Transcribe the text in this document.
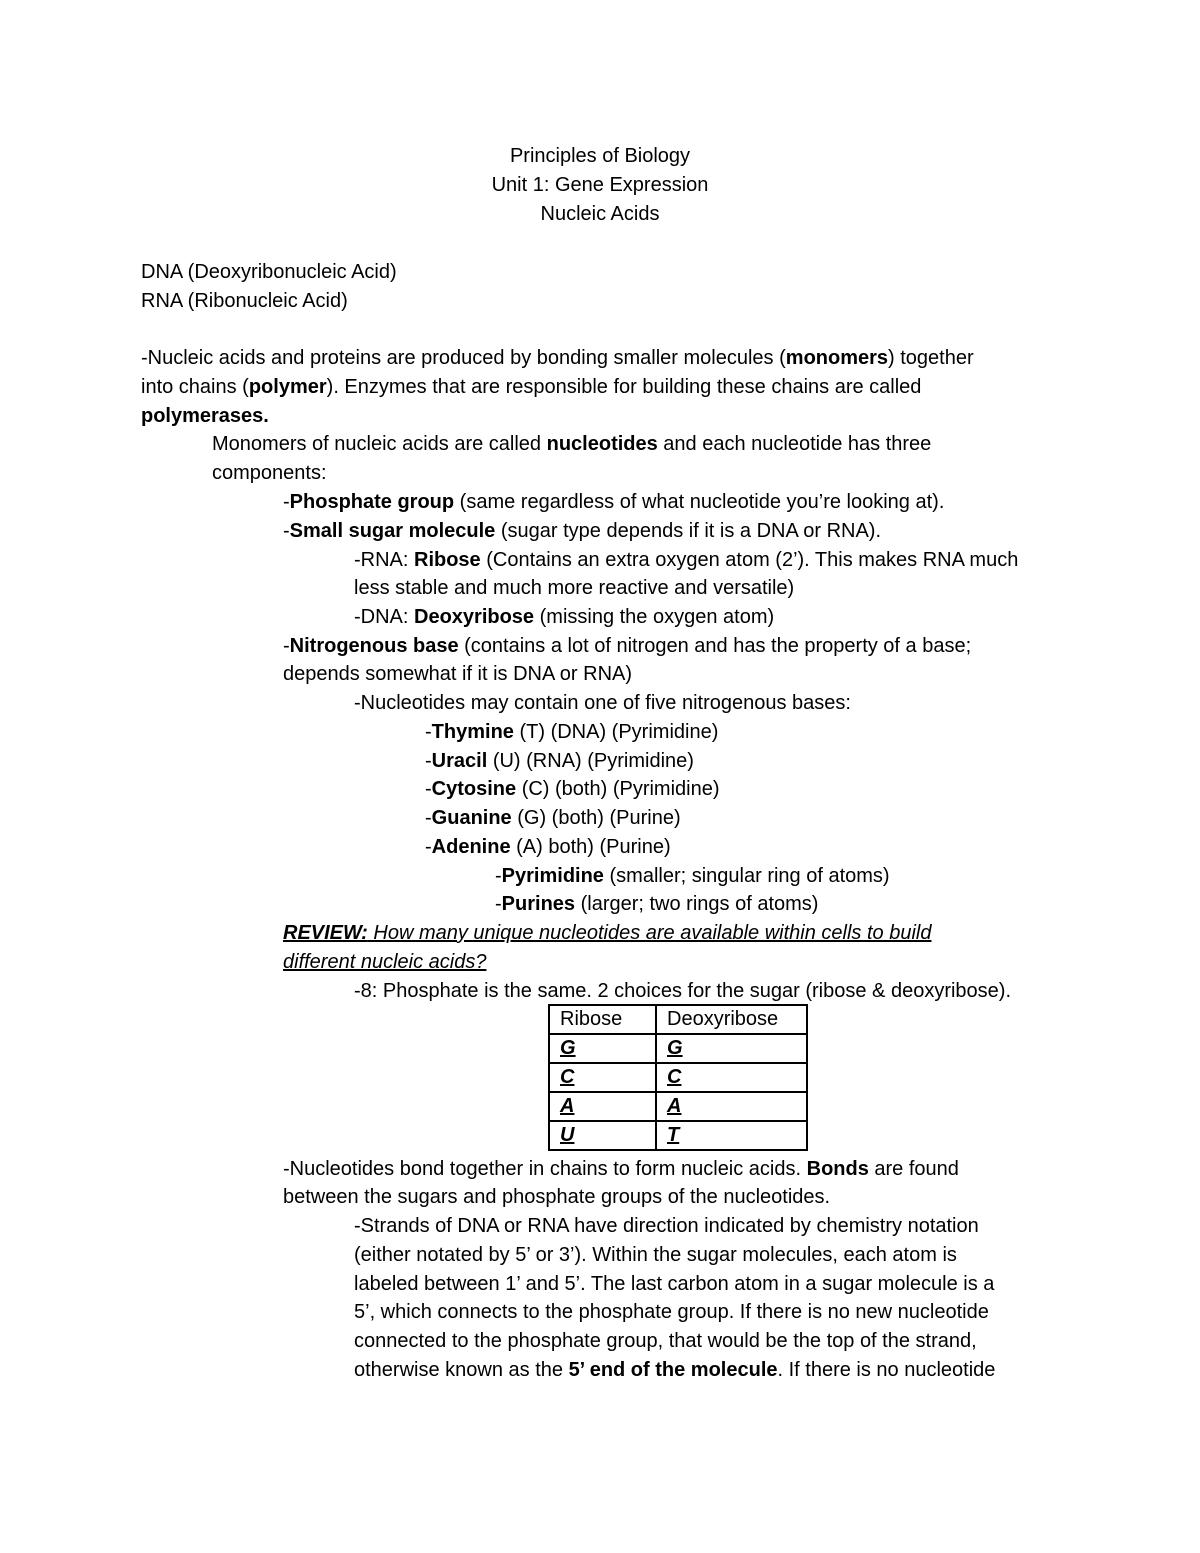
Principles of Biology
Unit 1: Gene Expression
Nucleic Acids
DNA (Deoxyribonucleic Acid)
RNA (Ribonucleic Acid)
-Nucleic acids and proteins are produced by bonding smaller molecules (monomers) together
into chains (polymer). Enzymes that are responsible for building these chains are called
polymerases.
Monomers of nucleic acids are called nucleotides and each nucleotide has three
components:
-Phosphate group (same regardless of what nucleotide you’re looking at).
-Small sugar molecule (sugar type depends if it is a DNA or RNA).
-RNA: Ribose (Contains an extra oxygen atom (2’). This makes RNA much
less stable and much more reactive and versatile)
-DNA: Deoxyribose (missing the oxygen atom)
-Nitrogenous base (contains a lot of nitrogen and has the property of a base;
depends somewhat if it is DNA or RNA)
-Nucleotides may contain one of five nitrogenous bases:
-Thymine (T) (DNA) (Pyrimidine)
-Uracil (U) (RNA) (Pyrimidine)
-Cytosine (C) (both) (Pyrimidine)
-Guanine (G) (both) (Purine)
-Adenine (A) both) (Purine)
-Pyrimidine (smaller; singular ring of atoms)
-Purines (larger; two rings of atoms)
REVIEW: How many unique nucleotides are available within cells to build
different nucleic acids?
-8: Phosphate is the same. 2 choices for the sugar (ribose & deoxyribose).
Ribose	Deoxyribose
G	G
C	C
A	A
U	T
-Nucleotides bond together in chains to form nucleic acids. Bonds are found
between the sugars and phosphate groups of the nucleotides.
-Strands of DNA or RNA have direction indicated by chemistry notation
(either notated by 5’ or 3’). Within the sugar molecules, each atom is
labeled between 1’ and 5’. The last carbon atom in a sugar molecule is a
5’, which connects to the phosphate group. If there is no new nucleotide
connected to the phosphate group, that would be the top of the strand,
otherwise known as the 5’ end of the molecule. If there is no nucleotide
